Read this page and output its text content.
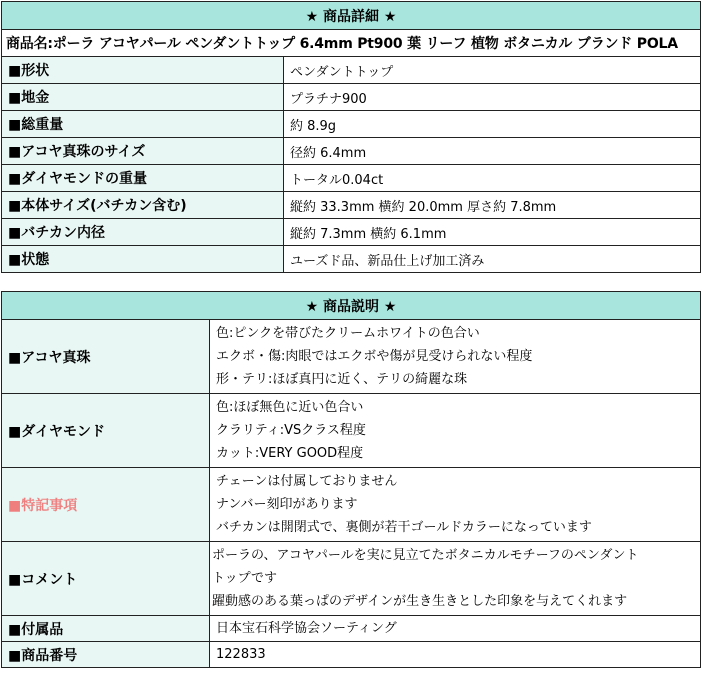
★ 商品詳細 ★	
商品名:ポーラ アコヤパール ペンダントトップ 6.4mm Pt900 葉 リーフ 植物 ボタニカル ブランド POLA	
■形状	ペンダントトップ
■地金	プラチナ900
■総重量	約 8.9g
■アコヤ真珠のサイズ	径約 6.4mm
■ダイヤモンドの重量	トータル0.04ct
■本体サイズ(バチカン含む)	縦約 33.3mm 横約 20.0mm 厚さ約 7.8mm
■バチカン内径	縦約 7.3mm 横約 6.1mm
■状態	ユーズド品、新品仕上げ加工済み
★ 商品説明 ★	
■アコヤ真珠	色:ピンクを帯びたクリームホワイトの色合い
エクボ・傷:肉眼ではエクボや傷が見受けられない程度
形・テリ:ほぼ真円に近く、テリの綺麗な珠

■ダイヤモンド	色:ほぼ無色に近い色合い
クラリティ:VSクラス程度
カット:VERY GOOD程度

■特記事項	チェーンは付属しておりません
ナンバー刻印があります
バチカンは開閉式で、裏側が若干ゴールドカラーになっています

■コメント	ポーラの、アコヤパールを実に見立てたボタニカルモチーフのペンダント
トップです
躍動感のある葉っぱのデザインが生き生きとした印象を与えてくれます

■付属品	日本宝石科学協会ソーティング

■商品番号	122833
